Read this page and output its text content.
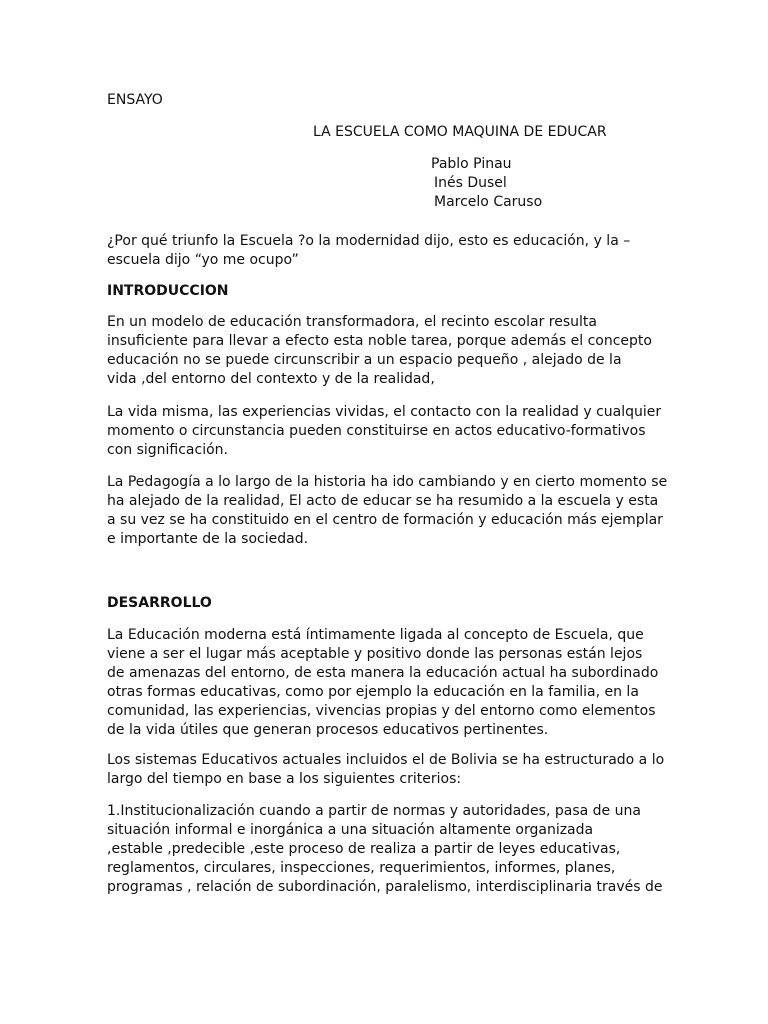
ENSAYO

LA ESCUELA COMO MAQUINA DE EDUCAR

Pablo Pinau

Inés Dusel

Marcelo Caruso

¿Por qué triunfo la Escuela ?o la modernidad dijo, esto es educación, y la –
escuela dijo “yo me ocupo”

INTRODUCCION

En un modelo de educación transformadora, el recinto escolar resulta
insuficiente para llevar a efecto esta noble tarea, porque además el concepto
educación no se puede circunscribir a un espacio pequeño , alejado de la
vida ,del entorno del contexto y de la realidad,
La vida misma, las experiencias vividas, el contacto con la realidad y cualquier
momento o circunstancia pueden constituirse en actos educativo-formativos
con significación.
La Pedagogía a lo largo de la historia ha ido cambiando y en cierto momento se
ha alejado de la realidad, El acto de educar se ha resumido a la escuela y esta
a su vez se ha constituido en el centro de formación y educación más ejemplar
e importante de la sociedad.

DESARROLLO

La Educación moderna está íntimamente ligada al concepto de Escuela, que
viene a ser el lugar más aceptable y positivo donde las personas están lejos
de amenazas del entorno, de esta manera la educación actual ha subordinado
otras formas educativas, como por ejemplo la educación en la familia, en la
comunidad, las experiencias, vivencias propias y del entorno como elementos
de la vida útiles que generan procesos educativos pertinentes.
Los sistemas Educativos actuales incluidos el de Bolivia se ha estructurado a lo
largo del tiempo en base a los siguientes criterios:
1.Institucionalización cuando a partir de normas y autoridades, pasa de una
situación informal e inorgánica a una situación altamente organizada
,estable ,predecible ,este proceso de realiza a partir de leyes educativas,
reglamentos, circulares, inspecciones, requerimientos, informes, planes,
programas , relación de subordinación, paralelismo, interdisciplinaria través de
